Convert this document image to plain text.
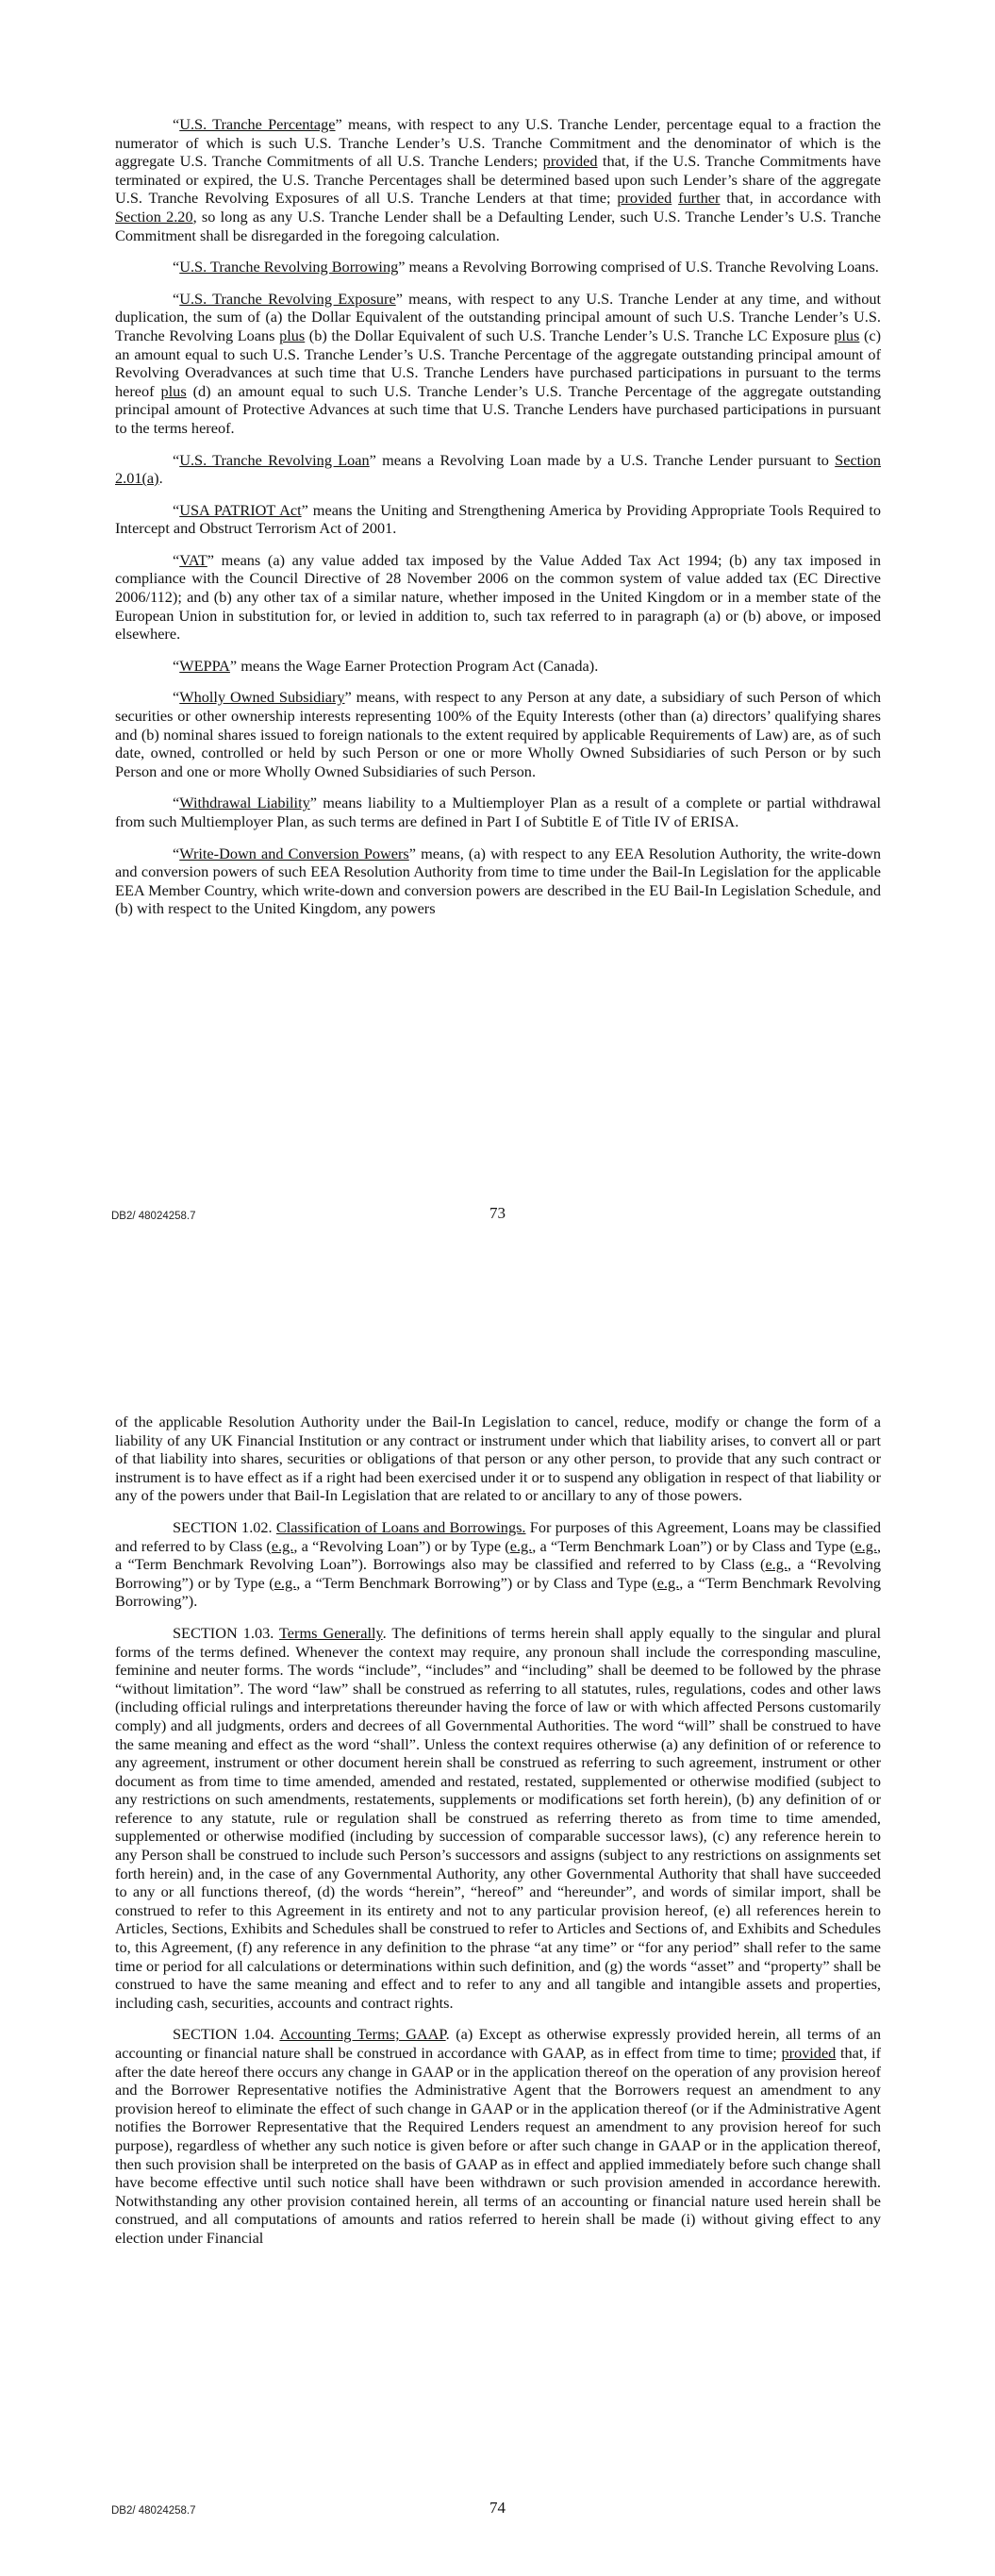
“U.S. Tranche Percentage” means, with respect to any U.S. Tranche Lender, percentage equal to a fraction the numerator of which is such U.S. Tranche Lender’s U.S. Tranche Commitment and the denominator of which is the aggregate U.S. Tranche Commitments of all U.S. Tranche Lenders; provided that, if the U.S. Tranche Commitments have terminated or expired, the U.S. Tranche Percentages shall be determined based upon such Lender’s share of the aggregate U.S. Tranche Revolving Exposures of all U.S. Tranche Lenders at that time; provided further that, in accordance with Section 2.20, so long as any U.S. Tranche Lender shall be a Defaulting Lender, such U.S. Tranche Lender’s U.S. Tranche Commitment shall be disregarded in the foregoing calculation.

“U.S. Tranche Revolving Borrowing” means a Revolving Borrowing comprised of U.S. Tranche Revolving Loans.

“U.S. Tranche Revolving Exposure” means, with respect to any U.S. Tranche Lender at any time, and without duplication, the sum of (a) the Dollar Equivalent of the outstanding principal amount of such U.S. Tranche Lender’s U.S. Tranche Revolving Loans plus (b) the Dollar Equivalent of such U.S. Tranche Lender’s U.S. Tranche LC Exposure plus (c) an amount equal to such U.S. Tranche Lender’s U.S. Tranche Percentage of the aggregate outstanding principal amount of Revolving Overadvances at such time that U.S. Tranche Lenders have purchased participations in pursuant to the terms hereof plus (d) an amount equal to such U.S. Tranche Lender’s U.S. Tranche Percentage of the aggregate outstanding principal amount of Protective Advances at such time that U.S. Tranche Lenders have purchased participations in pursuant to the terms hereof.

“U.S. Tranche Revolving Loan” means a Revolving Loan made by a U.S. Tranche Lender pursuant to Section 2.01(a).

“USA PATRIOT Act” means the Uniting and Strengthening America by Providing Appropriate Tools Required to Intercept and Obstruct Terrorism Act of 2001.

“VAT” means (a) any value added tax imposed by the Value Added Tax Act 1994; (b) any tax imposed in compliance with the Council Directive of 28 November 2006 on the common system of value added tax (EC Directive 2006/112); and (b) any other tax of a similar nature, whether imposed in the United Kingdom or in a member state of the European Union in substitution for, or levied in addition to, such tax referred to in paragraph (a) or (b) above, or imposed elsewhere.

“WEPPA” means the Wage Earner Protection Program Act (Canada).

“Wholly Owned Subsidiary” means, with respect to any Person at any date, a subsidiary of such Person of which securities or other ownership interests representing 100% of the Equity Interests (other than (a) directors’ qualifying shares and (b) nominal shares issued to foreign nationals to the extent required by applicable Requirements of Law) are, as of such date, owned, controlled or held by such Person or one or more Wholly Owned Subsidiaries of such Person or by such Person and one or more Wholly Owned Subsidiaries of such Person.

“Withdrawal Liability” means liability to a Multiemployer Plan as a result of a complete or partial withdrawal from such Multiemployer Plan, as such terms are defined in Part I of Subtitle E of Title IV of ERISA.

“Write-Down and Conversion Powers” means, (a) with respect to any EEA Resolution Authority, the write-down and conversion powers of such EEA Resolution Authority from time to time under the Bail-In Legislation for the applicable EEA Member Country, which write-down and conversion powers are described in the EU Bail-In Legislation Schedule, and (b) with respect to the United Kingdom, any powers

DB2/ 48024258.7	73

of the applicable Resolution Authority under the Bail-In Legislation to cancel, reduce, modify or change the form of a liability of any UK Financial Institution or any contract or instrument under which that liability arises, to convert all or part of that liability into shares, securities or obligations of that person or any other person, to provide that any such contract or instrument is to have effect as if a right had been exercised under it or to suspend any obligation in respect of that liability or any of the powers under that Bail-In Legislation that are related to or ancillary to any of those powers.

SECTION 1.02. Classification of Loans and Borrowings. For purposes of this Agreement, Loans may be classified and referred to by Class (e.g., a “Revolving Loan”) or by Type (e.g., a “Term Benchmark Loan”) or by Class and Type (e.g., a “Term Benchmark Revolving Loan”). Borrowings also may be classified and referred to by Class (e.g., a “Revolving Borrowing”) or by Type (e.g., a “Term Benchmark Borrowing”) or by Class and Type (e.g., a “Term Benchmark Revolving Borrowing”).

SECTION 1.03. Terms Generally. The definitions of terms herein shall apply equally to the singular and plural forms of the terms defined. Whenever the context may require, any pronoun shall include the corresponding masculine, feminine and neuter forms. The words “include”, “includes” and “including” shall be deemed to be followed by the phrase “without limitation”. The word “law” shall be construed as referring to all statutes, rules, regulations, codes and other laws (including official rulings and interpretations thereunder having the force of law or with which affected Persons customarily comply) and all judgments, orders and decrees of all Governmental Authorities. The word “will” shall be construed to have the same meaning and effect as the word “shall”. Unless the context requires otherwise (a) any definition of or reference to any agreement, instrument or other document herein shall be construed as referring to such agreement, instrument or other document as from time to time amended, amended and restated, restated, supplemented or otherwise modified (subject to any restrictions on such amendments, restatements, supplements or modifications set forth herein), (b) any definition of or reference to any statute, rule or regulation shall be construed as referring thereto as from time to time amended, supplemented or otherwise modified (including by succession of comparable successor laws), (c) any reference herein to any Person shall be construed to include such Person’s successors and assigns (subject to any restrictions on assignments set forth herein) and, in the case of any Governmental Authority, any other Governmental Authority that shall have succeeded to any or all functions thereof, (d) the words “herein”, “hereof” and “hereunder”, and words of similar import, shall be construed to refer to this Agreement in its entirety and not to any particular provision hereof, (e) all references herein to Articles, Sections, Exhibits and Schedules shall be construed to refer to Articles and Sections of, and Exhibits and Schedules to, this Agreement, (f) any reference in any definition to the phrase “at any time” or “for any period” shall refer to the same time or period for all calculations or determinations within such definition, and (g) the words “asset” and “property” shall be construed to have the same meaning and effect and to refer to any and all tangible and intangible assets and properties, including cash, securities, accounts and contract rights.

SECTION 1.04. Accounting Terms; GAAP. (a) Except as otherwise expressly provided herein, all terms of an accounting or financial nature shall be construed in accordance with GAAP, as in effect from time to time; provided that, if after the date hereof there occurs any change in GAAP or in the application thereof on the operation of any provision hereof and the Borrower Representative notifies the Administrative Agent that the Borrowers request an amendment to any provision hereof to eliminate the effect of such change in GAAP or in the application thereof (or if the Administrative Agent notifies the Borrower Representative that the Required Lenders request an amendment to any provision hereof for such purpose), regardless of whether any such notice is given before or after such change in GAAP or in the application thereof, then such provision shall be interpreted on the basis of GAAP as in effect and applied immediately before such change shall have become effective until such notice shall have been withdrawn or such provision amended in accordance herewith. Notwithstanding any other provision contained herein, all terms of an accounting or financial nature used herein shall be construed, and all computations of amounts and ratios referred to herein shall be made (i) without giving effect to any election under Financial

DB2/ 48024258.7	74
